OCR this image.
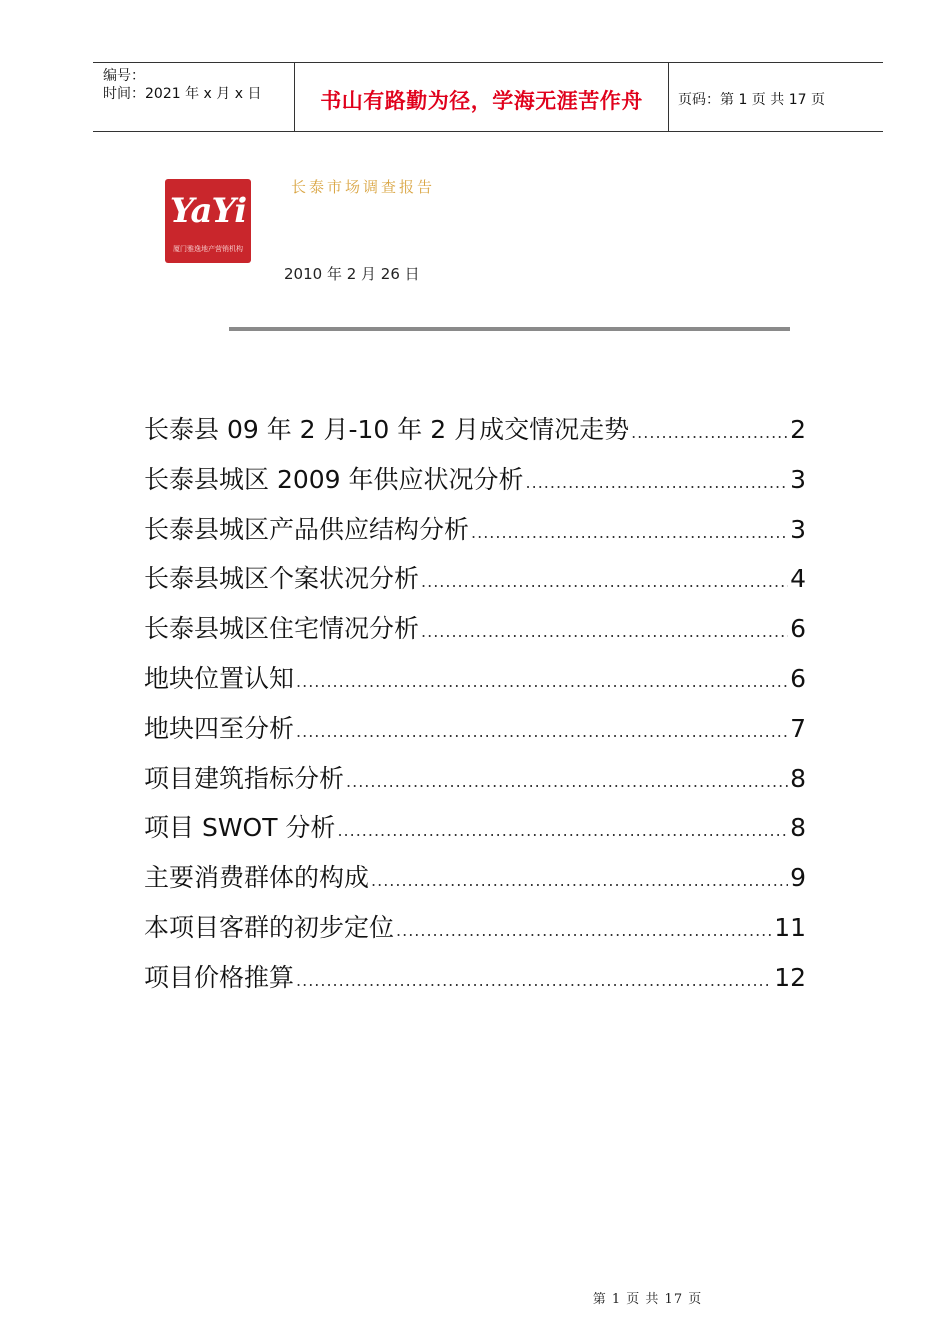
编号：
时间：2021 年 x 月 x 日	书山有路勤为径，学海无涯苦作舟	页码：第 1 页 共 17 页
YaYi
厦门雅逸地产营销机构
长泰市场调查报告
2010 年 2 月 26 日
长泰县 09 年 2 月-10 年 2 月成交情况走势 .....	2
长泰县城区 2009 年供应状况分析 .....	3
长泰县城区产品供应结构分析 .....	3
长泰县城区个案状况分析 .....	4
长泰县城区住宅情况分析 .....	6
地块位置认知 .....	6
地块四至分析 .....	7
项目建筑指标分析 .....	8
项目 SWOT 分析 .....	8
主要消费群体的构成 .....	9
本项目客群的初步定位 .....	11
项目价格推算 .....	12
第 1 页 共 17 页
